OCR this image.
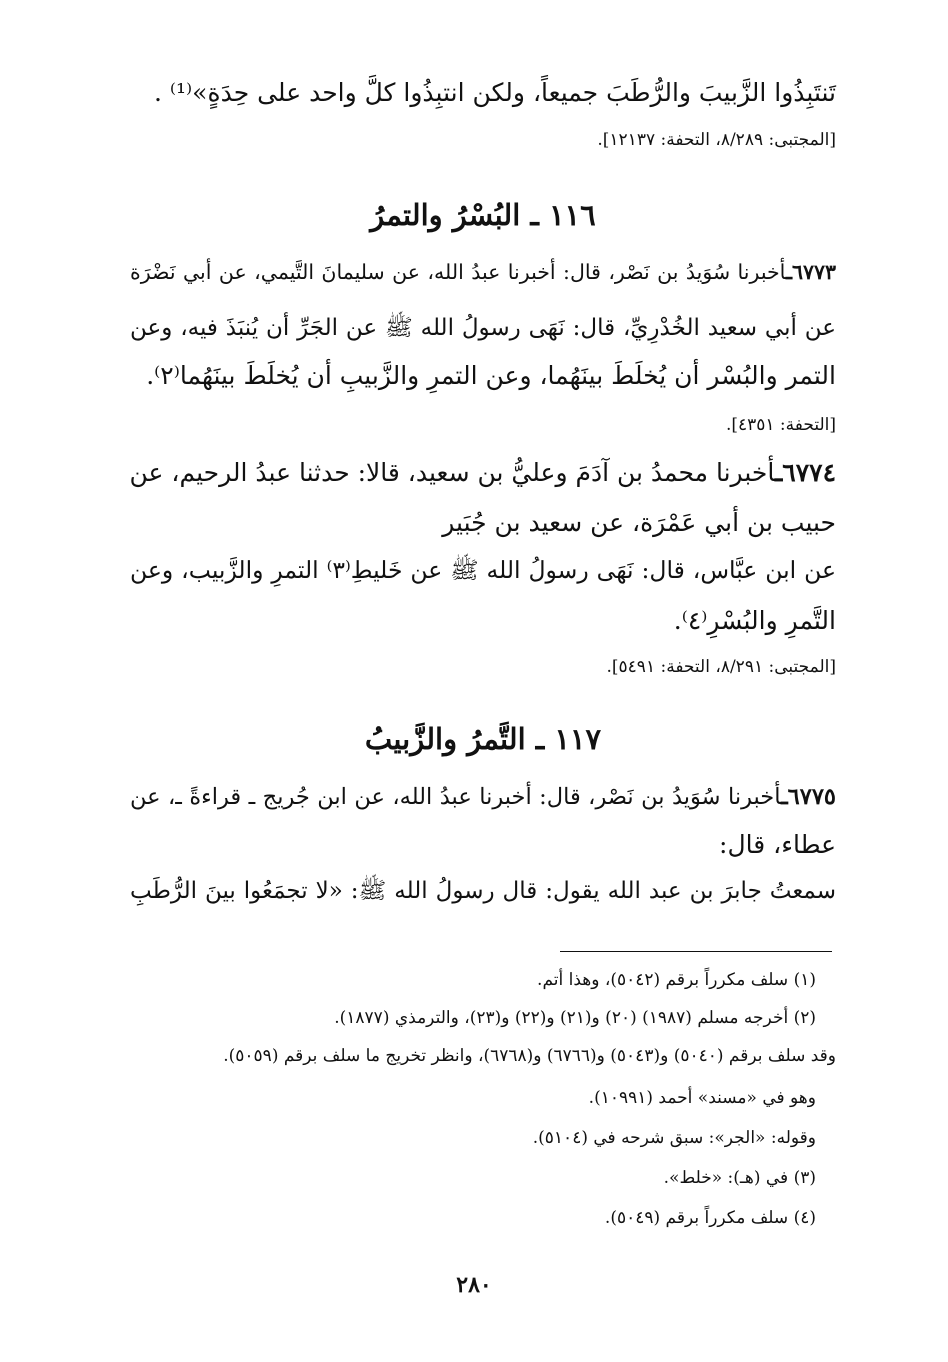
تَنتَبِذُوا الزَّبيبَ والرُّطَبَ جميعاً، ولكن انتبِذُوا كلَّ واحد على حِدَةٍ»⁽¹⁾ .
[المجتبى: ٨/٢٨٩، التحفة: ١٢١٣٧].
١١٦ ـ البُسْرُ والتمرُ
٦٧٧٣ـأخبرنا سُوَيدُ بن نَصْر، قال: أخبرنا عبدُ الله، عن سليمانَ التَّيمي، عن أبي نَضْرَة
عن أبي سعيد الخُدْرِيِّ، قال: نَهَى رسولُ الله ﷺ عن الجَرِّ أن يُنبَذَ فيه، وعن
التمر والبُسْر أن يُخلَطَ بينَهُما، وعن التمرِ والزَّبيبِ أن يُخلَطَ بينَهُما⁽٢⁾.
[التحفة: ٤٣٥١].
٦٧٧٤ـأخبرنا محمدُ بن آدَمَ وعليُّ بن سعيد، قالا: حدثنا عبدُ الرحيم، عن
حبيب بن أبي عَمْرَة، عن سعيد بن جُبَير
عن ابن عبَّاس، قال: نَهَى رسولُ الله ﷺ عن خَليطِ⁽٣⁾ التمرِ والزَّبيب، وعن
التَّمرِ والبُسْرِ⁽٤⁾.
[المجتبى: ٨/٢٩١، التحفة: ٥٤٩١].
١١٧ ـ التَّمرُ والزَّبيبُ
٦٧٧٥ـأخبرنا سُوَيدُ بن نَصْر، قال: أخبرنا عبدُ الله، عن ابن جُريج ـ قراءةً ـ، عن
عطاء، قال:
سمعتُ جابرَ بن عبد الله يقول: قال رسولُ الله ﷺ: «لا تجمَعُوا بينَ الرُّطَبِ
(١) سلف مكرراً برقم (٥٠٤٢)، وهذا أتم.
(٢) أخرجه مسلم (١٩٨٧) (٢٠) و(٢١) و(٢٢) و(٢٣)، والترمذي (١٨٧٧).
وقد سلف برقم (٥٠٤٠) و(٥٠٤٣) و(٦٧٦٦) و(٦٧٦٨)، وانظر تخريج ما سلف برقم (٥٠٥٩).
وهو في «مسند» أحمد (١٠٩٩١).
وقوله: «الجر»: سبق شرحه في (٥١٠٤).
(٣) في (هـ): «خلط».
(٤) سلف مكرراً برقم (٥٠٤٩).
٢٨٠
